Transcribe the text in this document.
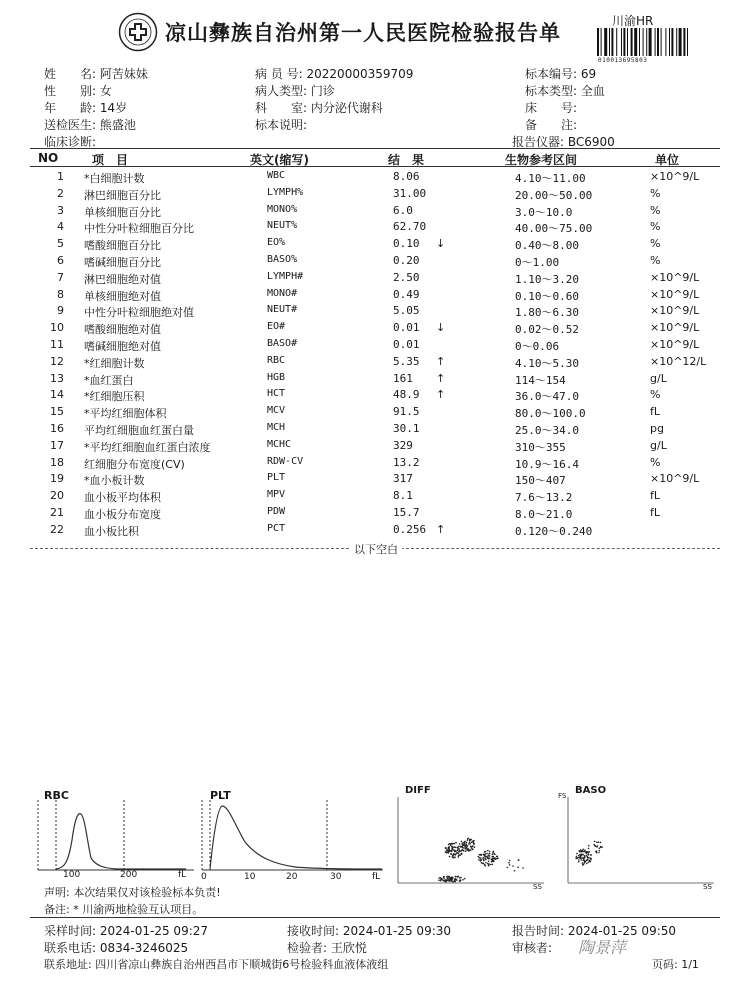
凉山彝族自治州第一人民医院检验报告单	川渝HR
010013695803
姓　　名: 阿苦妹妹
性　　别: 女
年　　龄: 14岁
送检医生: 熊盛池
临床诊断:
病 员 号: 20220000359709
病人类型: 门诊
科　　室: 内分泌代谢科
标本说明:
标本编号: 69
标本类型: 全血
床　　号:
备　　注:
报告仪器: BC6900
NO	项　目	英文(缩写)	结　果	生物参考区间	单位
1 *白细胞计数	WBC	8.06	4.10～11.00	×10^9/L
2 淋巴细胞百分比	LYMPH%	31.00	20.00～50.00	%
3 单核细胞百分比	MONO%	6.0	3.0～10.0	%
4 中性分叶粒细胞百分比	NEUT%	62.70	40.00～75.00	%
5 嗜酸细胞百分比	EO%	0.10 ↓	0.40～8.00	%
6 嗜碱细胞百分比	BASO%	0.20	0～1.00	%
7 淋巴细胞绝对值	LYMPH#	2.50	1.10～3.20	×10^9/L
8 单核细胞绝对值	MONO#	0.49	0.10～0.60	×10^9/L
9 中性分叶粒细胞绝对值	NEUT#	5.05	1.80～6.30	×10^9/L
10 嗜酸细胞绝对值	EO#	0.01 ↓	0.02～0.52	×10^9/L
11 嗜碱细胞绝对值	BASO#	0.01	0～0.06	×10^9/L
12 *红细胞计数	RBC	5.35 ↑	4.10～5.30	×10^12/L
13 *血红蛋白	HGB	161 ↑	114～154	g/L
14 *红细胞压积	HCT	48.9 ↑	36.0～47.0	%
15 *平均红细胞体积	MCV	91.5	80.0～100.0	fL
16 平均红细胞血红蛋白量	MCH	30.1	25.0～34.0	pg
17 *平均红细胞血红蛋白浓度	MCHC	329	310～355	g/L
18 红细胞分布宽度(CV)	RDW-CV	13.2	10.9～16.4	%
19 *血小板计数	PLT	317	150～407	×10^9/L
20 血小板平均体积	MPV	8.1	7.6～13.2	fL
21 血小板分布宽度	PDW	15.7	8.0～21.0	fL
22 血小板比积	PCT	0.256 ↑	0.120～0.240
以下空白
RBC
100	200	fL
PLT
0	10	20	30	fL
DIFF
SS
BASO
FS
SS
声明: 本次结果仅对该检验标本负责!
备注: * 川渝两地检验互认项目。
采样时间: 2024-01-25 09:27	接收时间: 2024-01-25 09:30	报告时间: 2024-01-25 09:50
联系电话: 0834-3246025	检验者: 王欣悦	审核者: 陶景萍
联系地址: 四川省凉山彝族自治州西昌市下顺城街6号检验科血液体液组	页码: 1/1
